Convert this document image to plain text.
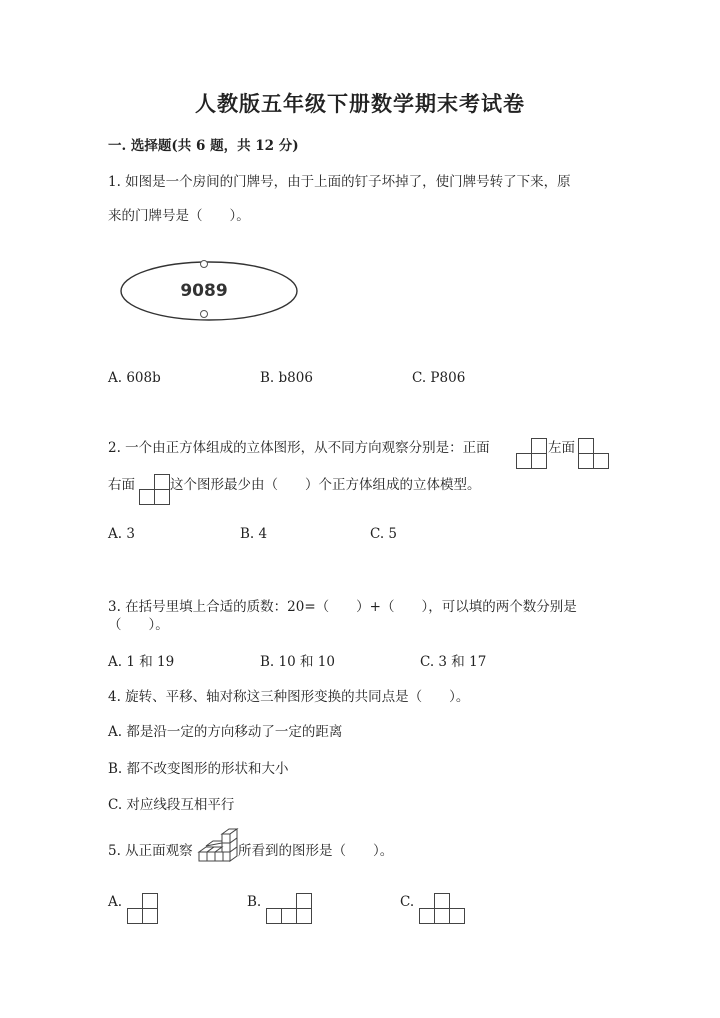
人教版五年级下册数学期末考试卷
一. 选择题(共 6 题，共 12 分)
1. 如图是一个房间的门牌号，由于上面的钉子坏掉了，使门牌号转了下来，原
来的门牌号是（　　）。
9089
A. 608b	B. b806	C. P806
2. 一个由正方体组成的立体图形，从不同方向观察分别是：正面	左面
右面	这个图形最少由（　　）个正方体组成的立体模型。
A. 3	B. 4	C. 5
3. 在括号里填上合适的质数：20=（　　）+（　　），可以填的两个数分别是
（　　）。
A. 1 和 19	B. 10 和 10	C. 3 和 17
4. 旋转、平移、轴对称这三种图形变换的共同点是（　　）。
A. 都是沿一定的方向移动了一定的距离
B. 都不改变图形的形状和大小
C. 对应线段互相平行
5. 从正面观察	所看到的图形是（　　）。
A.	B.	C.
